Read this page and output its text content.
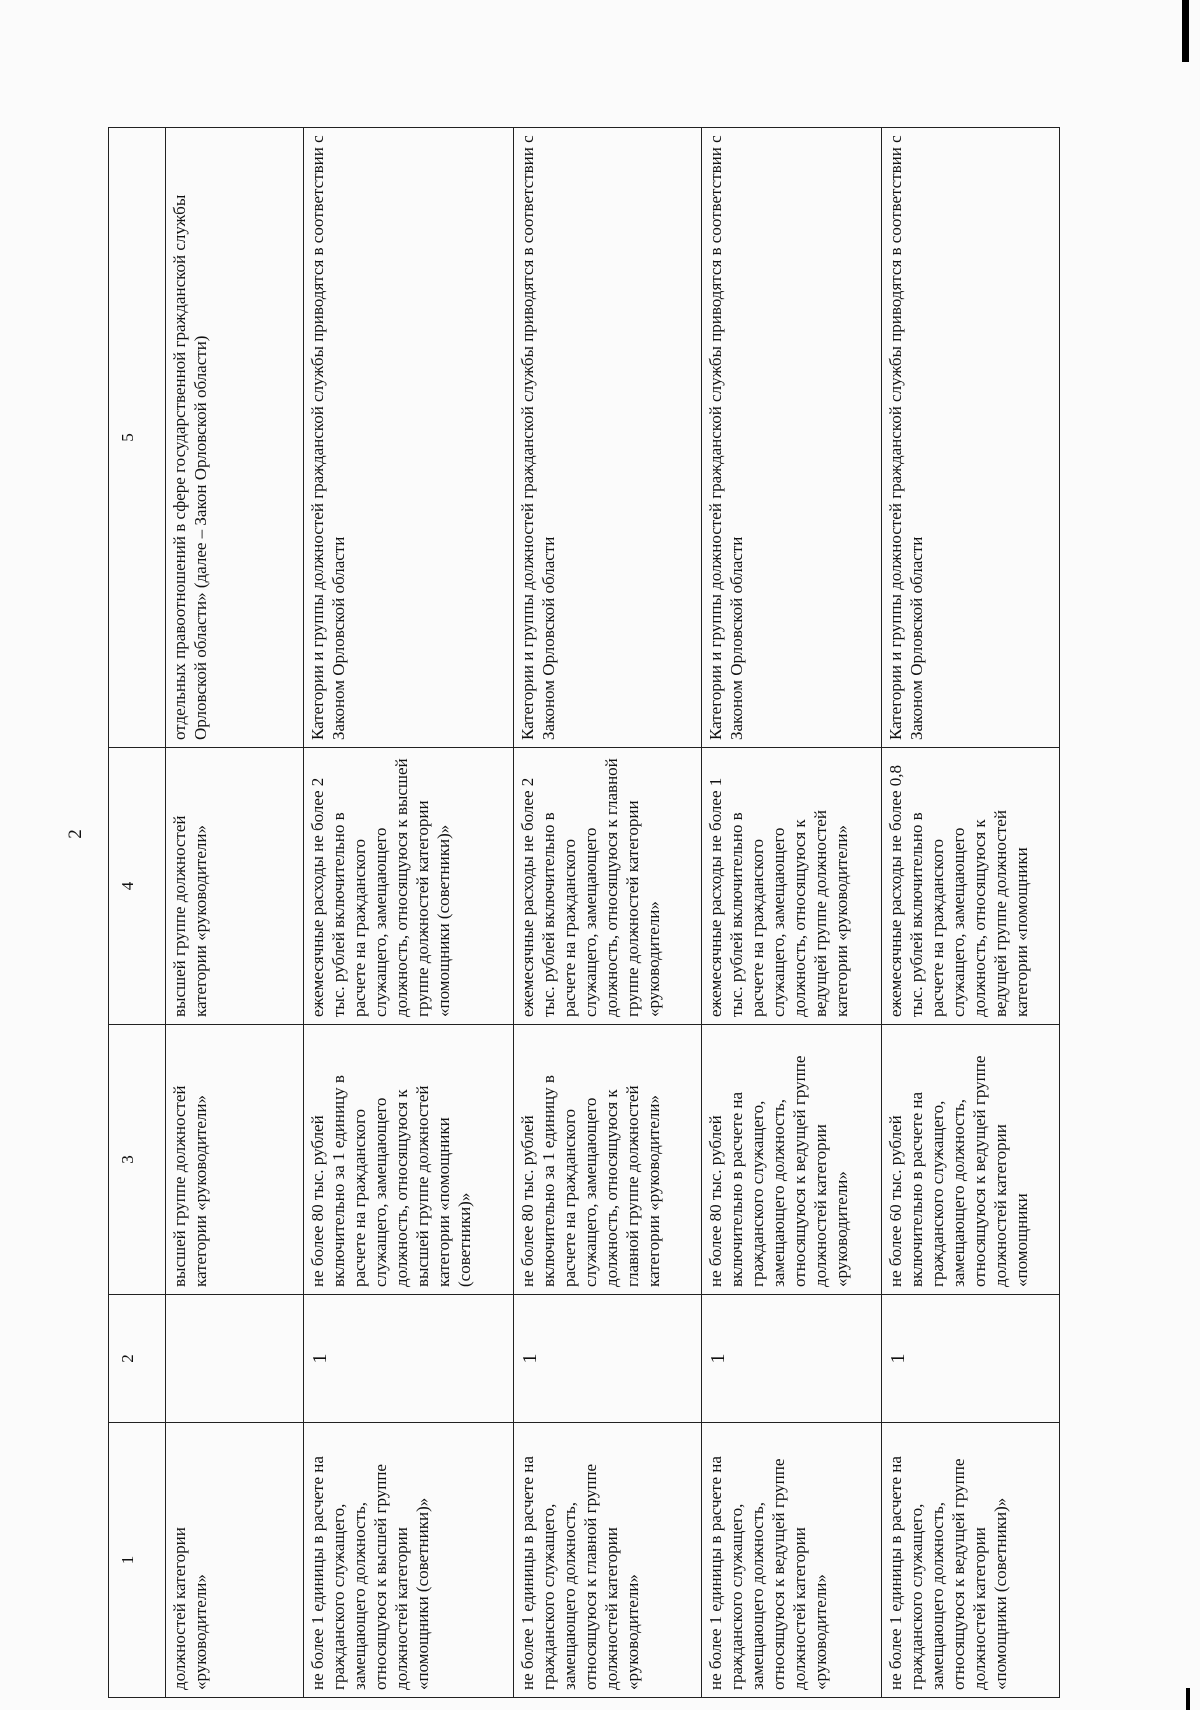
2
1	2	3	4	5

должностей категории «руководители»		высшей группе должностей категории «руководители»	высшей группе должностей категории «руководители»	отдельных правоотношений в сфере государственной гражданской службы Орловской области» (далее – Закон Орловской области)

не более 1 единицы в расчете на гражданского служащего, замещающего должность, относящуюся к высшей группе должностей категории «помощники (советники)»	1	не более 80 тыс. рублей включительно за 1 единицу в расчете на гражданского служащего, замещающего должность, относящуюся к высшей группе должностей категории «помощники (советники)»	ежемесячные расходы не более 2 тыс. рублей включительно в расчете на гражданского служащего, замещающего должность, относящуюся к высшей группе должностей категории «помощники (советники)»	Категории и группы должностей гражданской службы приводятся в соответствии с Законом Орловской области

не более 1 единицы в расчете на гражданского служащего, замещающего должность, относящуюся к главной группе должностей категории «руководители»	1	не более 80 тыс. рублей включительно за 1 единицу в расчете на гражданского служащего, замещающего должность, относящуюся к главной группе должностей категории «руководители»	ежемесячные расходы не более 2 тыс. рублей включительно в расчете на гражданского служащего, замещающего должность, относящуюся к главной группе должностей категории «руководители»	Категории и группы должностей гражданской службы приводятся в соответствии с Законом Орловской области

не более 1 единицы в расчете на гражданского служащего, замещающего должность, относящуюся к ведущей группе должностей категории «руководители»	1	не более 80 тыс. рублей включительно в расчете на гражданского служащего, замещающего должность, относящуюся к ведущей группе должностей категории «руководители»	ежемесячные расходы не более 1 тыс. рублей включительно в расчете на гражданского служащего, замещающего должность, относящуюся к ведущей группе должностей категории «руководители»	Категории и группы должностей гражданской службы приводятся в соответствии с Законом Орловской области

не более 1 единицы в расчете на гражданского служащего, замещающего должность, относящуюся к ведущей группе должностей категории «помощники (советники)»	1	не более 60 тыс. рублей включительно в расчете на гражданского служащего, замещающего должность, относящуюся к ведущей группе должностей категории «помощники	ежемесячные расходы не более 0,8 тыс. рублей включительно в расчете на гражданского служащего, замещающего должность, относящуюся к ведущей группе должностей категории «помощники	Категории и группы должностей гражданской службы приводятся в соответствии с Законом Орловской области
